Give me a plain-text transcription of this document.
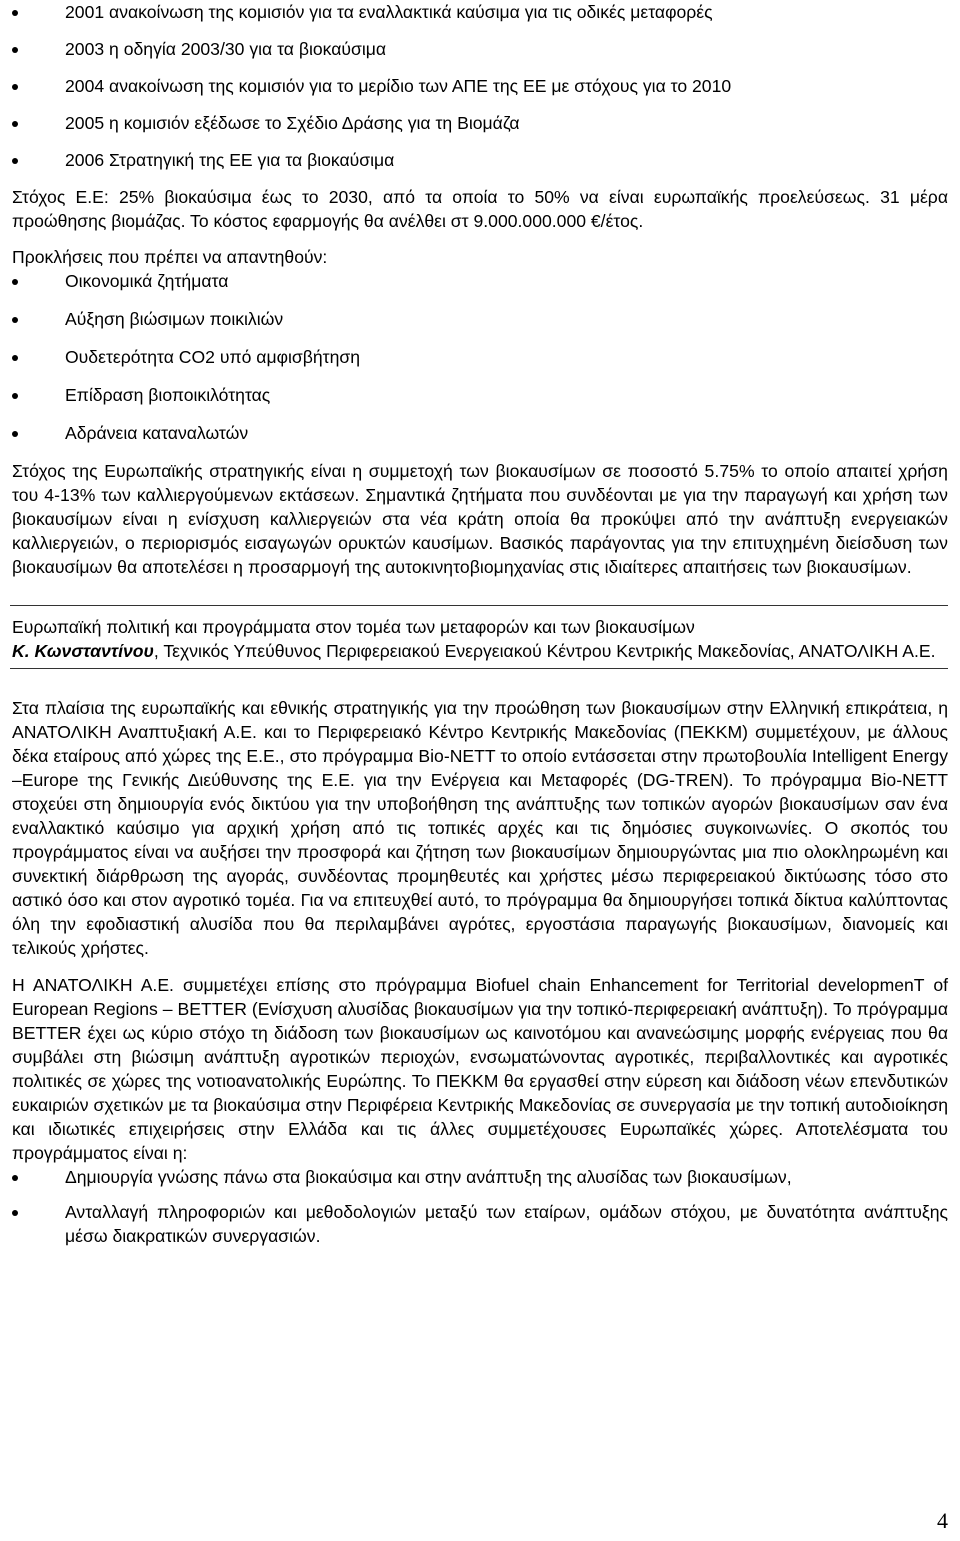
2001 ανακοίνωση της κομισιόν για τα εναλλακτικά καύσιμα για τις οδικές μεταφορές
2003 η οδηγία 2003/30 για τα βιοκαύσιμα
2004 ανακοίνωση της κομισιόν για το μερίδιο των ΑΠΕ της ΕΕ με στόχους για το 2010
2005 η κομισιόν εξέδωσε το Σχέδιο Δράσης για τη Βιομάζα
2006 Στρατηγική της ΕΕ για τα βιοκαύσιμα

Στόχος Ε.Ε: 25% βιοκαύσιμα έως το 2030, από τα οποία το 50% να είναι ευρωπαϊκής προελεύσεως. 31 μέρα προώθησης βιομάζας. Το κόστος εφαρμογής θα ανέλθει στ 9.000.000.000 €/έτος.

Προκλήσεις που πρέπει να απαντηθούν:

Οικονομικά ζητήματα
Αύξηση βιώσιμων ποικιλιών
Ουδετερότητα CO2 υπό αμφισβήτηση
Επίδραση βιοποικιλότητας
Αδράνεια καταναλωτών

Στόχος της Ευρωπαϊκής στρατηγικής είναι η συμμετοχή των βιοκαυσίμων σε ποσοστό 5.75% το οποίο απαιτεί χρήση του 4-13% των καλλιεργούμενων εκτάσεων. Σημαντικά ζητήματα που συνδέονται με για την παραγωγή και χρήση των βιοκαυσίμων είναι η ενίσχυση καλλιεργειών στα νέα κράτη οποία θα προκύψει από την ανάπτυξη ενεργειακών καλλιεργειών, ο περιορισμός εισαγωγών ορυκτών καυσίμων. Βασικός παράγοντας για την επιτυχημένη διείσδυση των βιοκαυσίμων θα αποτελέσει η προσαρμογή της αυτοκινητοβιομηχανίας στις ιδιαίτερες απαιτήσεις των βιοκαυσίμων.

Ευρωπαϊκή πολιτική και προγράμματα στον τομέα των μεταφορών και των βιοκαυσίμων
Κ. Κωνσταντίνου, Τεχνικός Υπεύθυνος Περιφερειακού Ενεργειακού Κέντρου Κεντρικής Μακεδονίας, ΑΝΑΤΟΛΙΚΗ Α.Ε.

Στα πλαίσια της ευρωπαϊκής και εθνικής στρατηγικής για την προώθηση των βιοκαυσίμων στην Ελληνική επικράτεια, η ΑΝΑΤΟΛΙΚΗ Αναπτυξιακή Α.Ε. και το Περιφερειακό Κέντρο Κεντρικής Μακεδονίας (ΠΕΚΚΜ) συμμετέχουν, με άλλους δέκα εταίρους από χώρες της Ε.Ε., στο πρόγραμμα Bio-NETT το οποίο εντάσσεται στην πρωτοβουλία Intelligent Energy –Europe της Γενικής Διεύθυνσης της Ε.Ε. για την Ενέργεια και Μεταφορές (DG-TREN). Το πρόγραμμα Bio-NETT στοχεύει στη δημιουργία ενός δικτύου για την υποβοήθηση της ανάπτυξης των τοπικών αγορών βιοκαυσίμων σαν ένα εναλλακτικό καύσιμο για αρχική χρήση από τις τοπικές αρχές και τις δημόσιες συγκοινωνίες. Ο σκοπός του προγράμματος είναι να αυξήσει την προσφορά και ζήτηση των βιοκαυσίμων δημιουργώντας μια πιο ολοκληρωμένη και συνεκτική διάρθρωση της αγοράς, συνδέοντας προμηθευτές και χρήστες μέσω περιφερειακού δικτύωσης τόσο στο αστικό όσο και στον αγροτικό τομέα. Για να επιτευχθεί αυτό, το πρόγραμμα θα δημιουργήσει τοπικά δίκτυα καλύπτοντας όλη την εφοδιαστική αλυσίδα που θα περιλαμβάνει αγρότες, εργοστάσια παραγωγής βιοκαυσίμων, διανομείς και τελικούς χρήστες.

Η ΑΝΑΤΟΛΙΚΗ Α.Ε. συμμετέχει επίσης στο πρόγραμμα Biofuel chain Enhancement for Territorial developmenT of European Regions – BETTER (Ενίσχυση αλυσίδας βιοκαυσίμων για την τοπικό-περιφερειακή ανάπτυξη). Το πρόγραμμα BETTER έχει ως κύριο στόχο τη διάδοση των βιοκαυσίμων ως καινοτόμου και ανανεώσιμης μορφής ενέργειας που θα συμβάλει στη βιώσιμη ανάπτυξη αγροτικών περιοχών, ενσωματώνοντας αγροτικές, περιβαλλοντικές και αγροτικές πολιτικές σε χώρες της νοτιοανατολικής Ευρώπης. Το ΠΕΚΚΜ θα εργασθεί στην εύρεση και διάδοση νέων επενδυτικών ευκαιριών σχετικών με τα βιοκαύσιμα στην Περιφέρεια Κεντρικής Μακεδονίας σε συνεργασία με την τοπική αυτοδιοίκηση και ιδιωτικές επιχειρήσεις στην Ελλάδα και τις άλλες συμμετέχουσες Ευρωπαϊκές χώρες. Αποτελέσματα του προγράμματος είναι η:

Δημιουργία γνώσης πάνω στα βιοκαύσιμα και στην ανάπτυξη της αλυσίδας των βιοκαυσίμων,

Ανταλλαγή πληροφοριών και μεθοδολογιών μεταξύ των εταίρων, ομάδων στόχου, με δυνατότητα ανάπτυξης μέσω διακρατικών συνεργασιών.

4
